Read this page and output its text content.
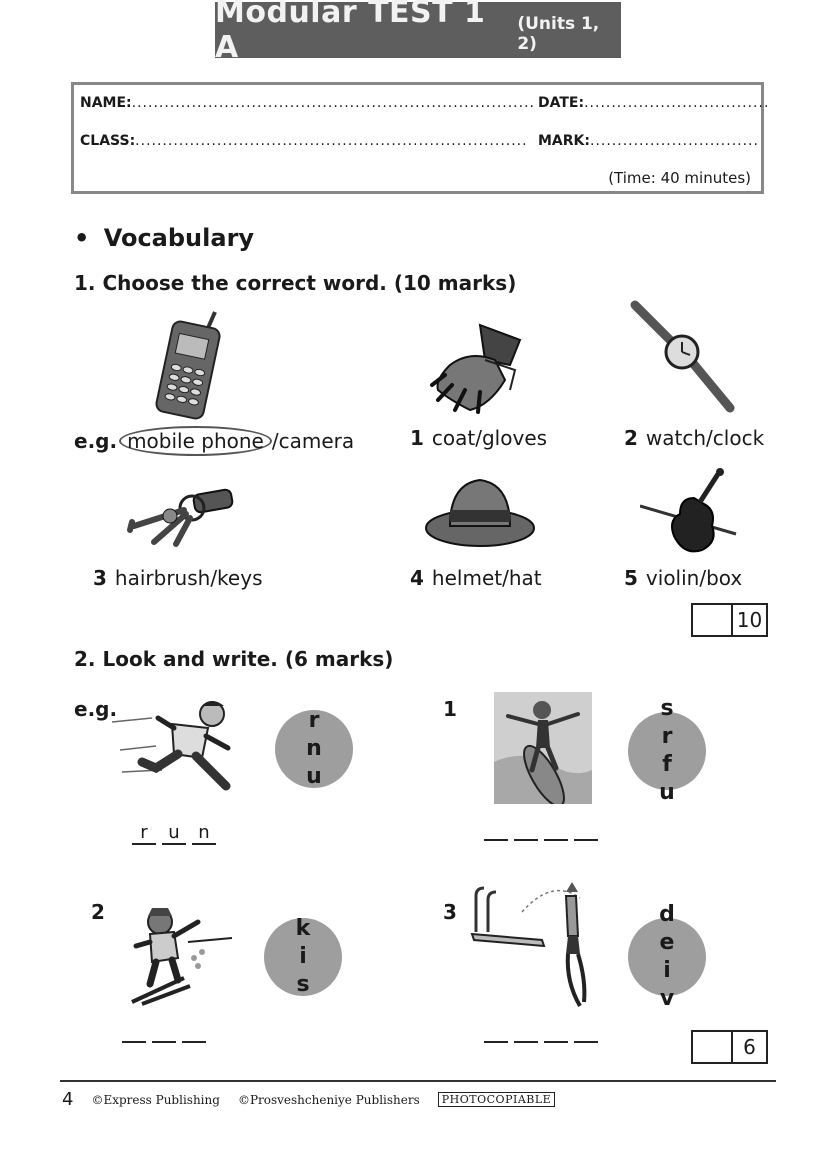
Modular TEST 1 A
(Units 1, 2)
NAME:.......................................................................... DATE:..................................
CLASS:........................................................................ MARK:...............................
(Time: 40 minutes)
• Vocabulary
1. Choose the correct word. (10 marks)
e.g. mobile phone /camera	1 coat/gloves	2 watch/clock
3 hairbrush/keys	4 helmet/hat	5 violin/box
10
2. Look and write. (6 marks)
e.g.	r n
u
r u n
1	s r
f u
2
k i
s
3	d e
i v
6
4 ©Express Publishing ©Prosveshcheniye Publishers	PHOTOCOPIABLE
